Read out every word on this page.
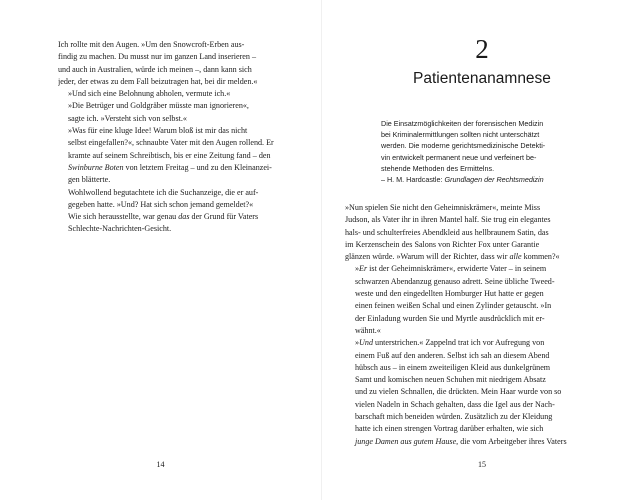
Ich rollte mit den Augen. »Um den Snowcroft-Erben aus-
findig zu machen. Du musst nur im ganzen Land inserieren –
und auch in Australien, würde ich meinen –, dann kann sich
jeder, der etwas zu dem Fall beizutragen hat, bei dir melden.«

»Und sich eine Belohnung abholen, vermute ich.«

»Die Betrüger und Goldgräber müsste man ignorieren«,
sagte ich. »Versteht sich von selbst.«

»Was für eine kluge Idee! Warum bloß ist mir das nicht
selbst eingefallen?«, schnaubte Vater mit den Augen rollend. Er
kramte auf seinem Schreibtisch, bis er eine Zeitung fand – den
Swinburne Boten von letztem Freitag – und zu den Kleinanzei-
gen blätterte.

Wohlwollend begutachtete ich die Suchanzeige, die er auf-
gegeben hatte. »Und? Hat sich schon jemand gemeldet?«

Wie sich herausstellte, war genau das der Grund für Vaters
Schlechte-Nachrichten-Gesicht.

14
2
Patientenanamnese
Die Einsatzmöglichkeiten der forensischen Medizin
bei Kriminalermittlungen sollten nicht unterschätzt
werden. Die moderne gerichtsmedizinische Detekti-
vin entwickelt permanent neue und verfeinert be-
stehende Methoden des Ermittelns.
– H. M. Hardcastle: Grundlagen der Rechtsmedizin

»Nun spielen Sie nicht den Geheimniskrämer«, meinte Miss
Judson, als Vater ihr in ihren Mantel half. Sie trug ein elegantes
hals- und schulterfreies Abendkleid aus hellbraunem Satin, das
im Kerzenschein des Salons von Richter Fox unter Garantie
glänzen würde. »Warum will der Richter, dass wir alle kommen?«

»Er ist der Geheimniskrämer«, erwiderte Vater – in seinem
schwarzen Abendanzug genauso adrett. Seine übliche Tweed-
weste und den eingedellten Homburger Hut hatte er gegen
einen feinen weißen Schal und einen Zylinder getauscht. »In
der Einladung wurden Sie und Myrtle ausdrücklich mit er-
wähnt.«

»Und unterstrichen.« Zappelnd trat ich vor Aufregung von
einem Fuß auf den anderen. Selbst ich sah an diesem Abend
hübsch aus – in einem zweiteiligen Kleid aus dunkelgrünem
Samt und komischen neuen Schuhen mit niedrigem Absatz
und zu vielen Schnallen, die drückten. Mein Haar wurde von so
vielen Nadeln in Schach gehalten, dass die Igel aus der Nach-
barschaft mich beneiden würden. Zusätzlich zu der Kleidung
hatte ich einen strengen Vortrag darüber erhalten, wie sich
junge Damen aus gutem Hause, die vom Arbeitgeber ihres Vaters

15
